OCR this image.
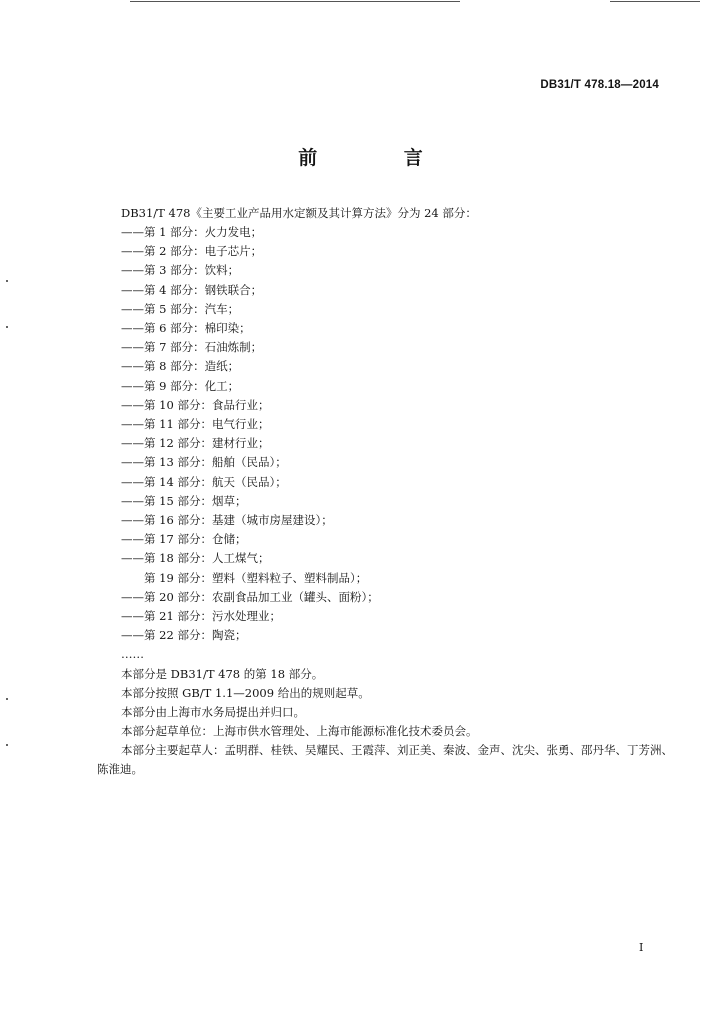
DB31/T 478.18—2014
前 言
DB31/T 478《主要工业产品用水定额及其计算方法》分为 24 部分：
——第 1 部分：火力发电；
——第 2 部分：电子芯片；
——第 3 部分：饮料；
——第 4 部分：钢铁联合；
——第 5 部分：汽车；
——第 6 部分：棉印染；
——第 7 部分：石油炼制；
——第 8 部分：造纸；
——第 9 部分：化工；
——第 10 部分：食品行业；
——第 11 部分：电气行业；
——第 12 部分：建材行业；
——第 13 部分：船舶（民品）；
——第 14 部分：航天（民品）；
——第 15 部分：烟草；
——第 16 部分：基建（城市房屋建设）；
——第 17 部分：仓储；
——第 18 部分：人工煤气；
　　第 19 部分：塑料（塑料粒子、塑料制品）；
——第 20 部分：农副食品加工业（罐头、面粉）；
——第 21 部分：污水处理业；
——第 22 部分：陶瓷；
……
本部分是 DB31/T 478 的第 18 部分。
本部分按照 GB/T 1.1—2009 给出的规则起草。
本部分由上海市水务局提出并归口。
本部分起草单位：上海市供水管理处、上海市能源标准化技术委员会。
本部分主要起草人：孟明群、桂铁、吴耀民、王霞萍、刘正美、秦波、金声、沈尖、张勇、邵丹华、丁芳洲、
陈淮迪。
I
